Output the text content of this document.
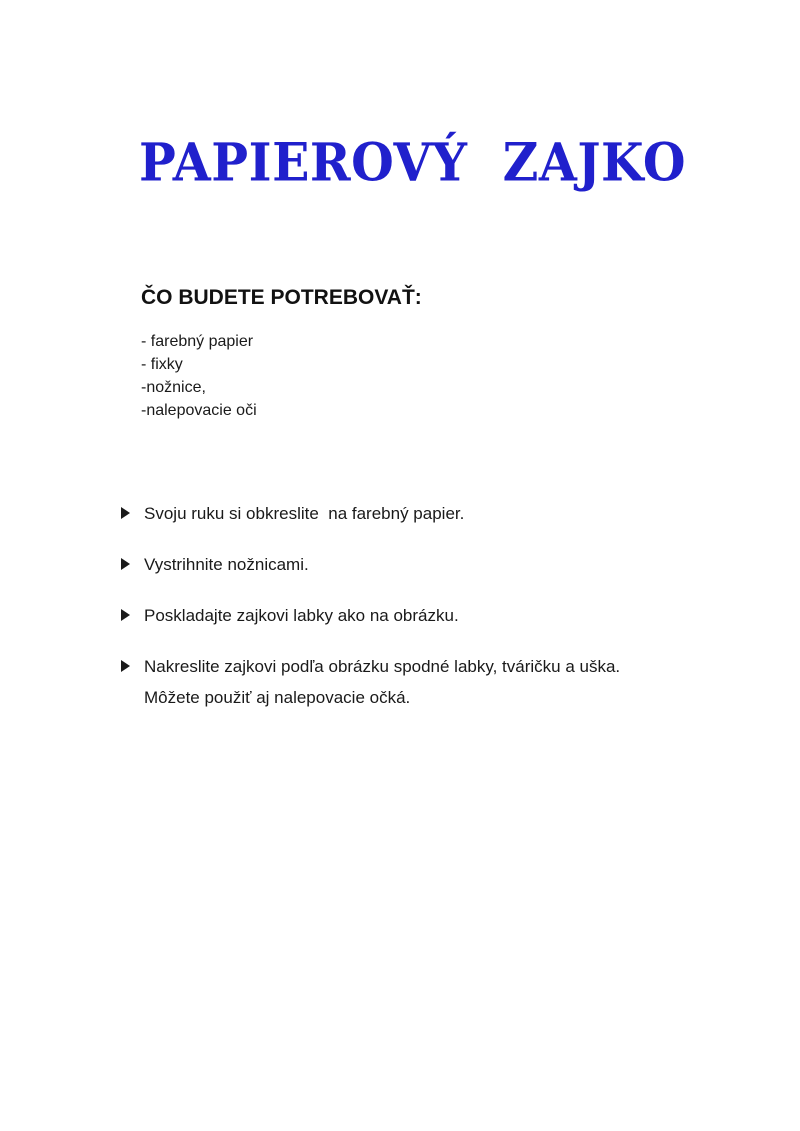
PAPIEROVÝ  ZAJKO
ČO BUDETE POTREBOVAŤ:
- farebný papier
- fixky
-nožnice,
-nalepovacie oči
Svoju ruku si obkreslite  na farebný papier.
Vystrihnite nožnicami.
Poskladajte zajkovi labky ako na obrázku.
Nakreslite zajkovi podľa obrázku spodné labky, tváričku a uška.
Môžete použiť aj nalepovacie očká.
